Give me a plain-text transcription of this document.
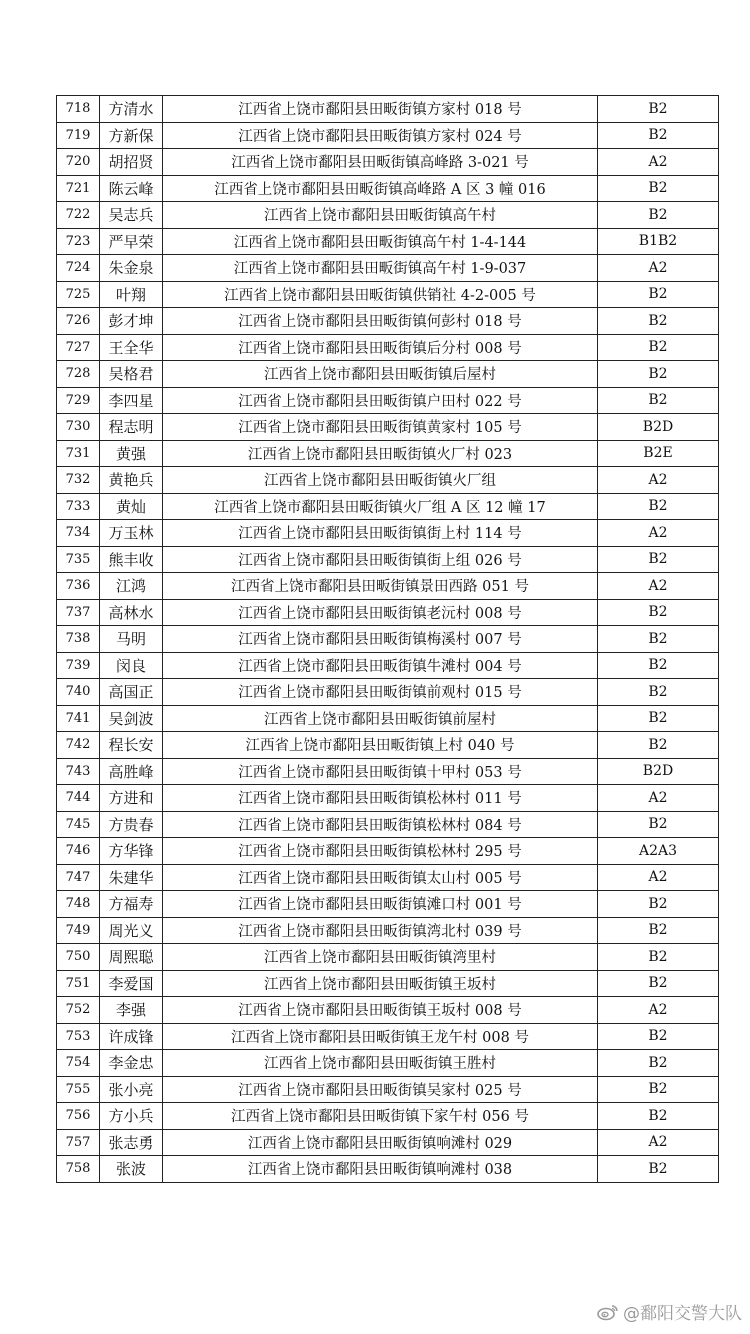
718	方清水	江西省上饶市鄱阳县田畈街镇方家村 018 号	B2
719	方新保	江西省上饶市鄱阳县田畈街镇方家村 024 号	B2
720	胡招贤	江西省上饶市鄱阳县田畈街镇高峰路 3-021 号	A2
721	陈云峰	江西省上饶市鄱阳县田畈街镇高峰路 A 区 3 幢 016	B2
722	吴志兵	江西省上饶市鄱阳县田畈街镇高午村	B2
723	严早荣	江西省上饶市鄱阳县田畈街镇高午村 1-4-144	B1B2
724	朱金泉	江西省上饶市鄱阳县田畈街镇高午村 1-9-037	A2
725	叶翔	江西省上饶市鄱阳县田畈街镇供销社 4-2-005 号	B2
726	彭才坤	江西省上饶市鄱阳县田畈街镇何彭村 018 号	B2
727	王全华	江西省上饶市鄱阳县田畈街镇后分村 008 号	B2
728	吴格君	江西省上饶市鄱阳县田畈街镇后屋村	B2
729	李四星	江西省上饶市鄱阳县田畈街镇户田村 022 号	B2
730	程志明	江西省上饶市鄱阳县田畈街镇黄家村 105 号	B2D
731	黄强	江西省上饶市鄱阳县田畈街镇火厂村 023	B2E
732	黄艳兵	江西省上饶市鄱阳县田畈街镇火厂组	A2
733	黄灿	江西省上饶市鄱阳县田畈街镇火厂组 A 区 12 幢 17	B2
734	万玉林	江西省上饶市鄱阳县田畈街镇街上村 114 号	A2
735	熊丰收	江西省上饶市鄱阳县田畈街镇街上组 026 号	B2
736	江鸿	江西省上饶市鄱阳县田畈街镇景田西路 051 号	A2
737	高林水	江西省上饶市鄱阳县田畈街镇老沅村 008 号	B2
738	马明	江西省上饶市鄱阳县田畈街镇梅溪村 007 号	B2
739	闵良	江西省上饶市鄱阳县田畈街镇牛滩村 004 号	B2
740	高国正	江西省上饶市鄱阳县田畈街镇前观村 015 号	B2
741	吴剑波	江西省上饶市鄱阳县田畈街镇前屋村	B2
742	程长安	江西省上饶市鄱阳县田畈街镇上村 040 号	B2
743	高胜峰	江西省上饶市鄱阳县田畈街镇十甲村 053 号	B2D
744	方进和	江西省上饶市鄱阳县田畈街镇松林村 011 号	A2
745	方贵春	江西省上饶市鄱阳县田畈街镇松林村 084 号	B2
746	方华锋	江西省上饶市鄱阳县田畈街镇松林村 295 号	A2A3
747	朱建华	江西省上饶市鄱阳县田畈街镇太山村 005 号	A2
748	方福寿	江西省上饶市鄱阳县田畈街镇滩口村 001 号	B2
749	周光义	江西省上饶市鄱阳县田畈街镇湾北村 039 号	B2
750	周熙聪	江西省上饶市鄱阳县田畈街镇湾里村	B2
751	李爱国	江西省上饶市鄱阳县田畈街镇王坂村	B2
752	李强	江西省上饶市鄱阳县田畈街镇王坂村 008 号	A2
753	许成锋	江西省上饶市鄱阳县田畈街镇王龙午村 008 号	B2
754	李金忠	江西省上饶市鄱阳县田畈街镇王胜村	B2
755	张小亮	江西省上饶市鄱阳县田畈街镇吴家村 025 号	B2
756	方小兵	江西省上饶市鄱阳县田畈街镇下家午村 056 号	B2
757	张志勇	江西省上饶市鄱阳县田畈街镇响滩村 029	A2
758	张波	江西省上饶市鄱阳县田畈街镇响滩村 038	B2
@鄱阳交警大队
